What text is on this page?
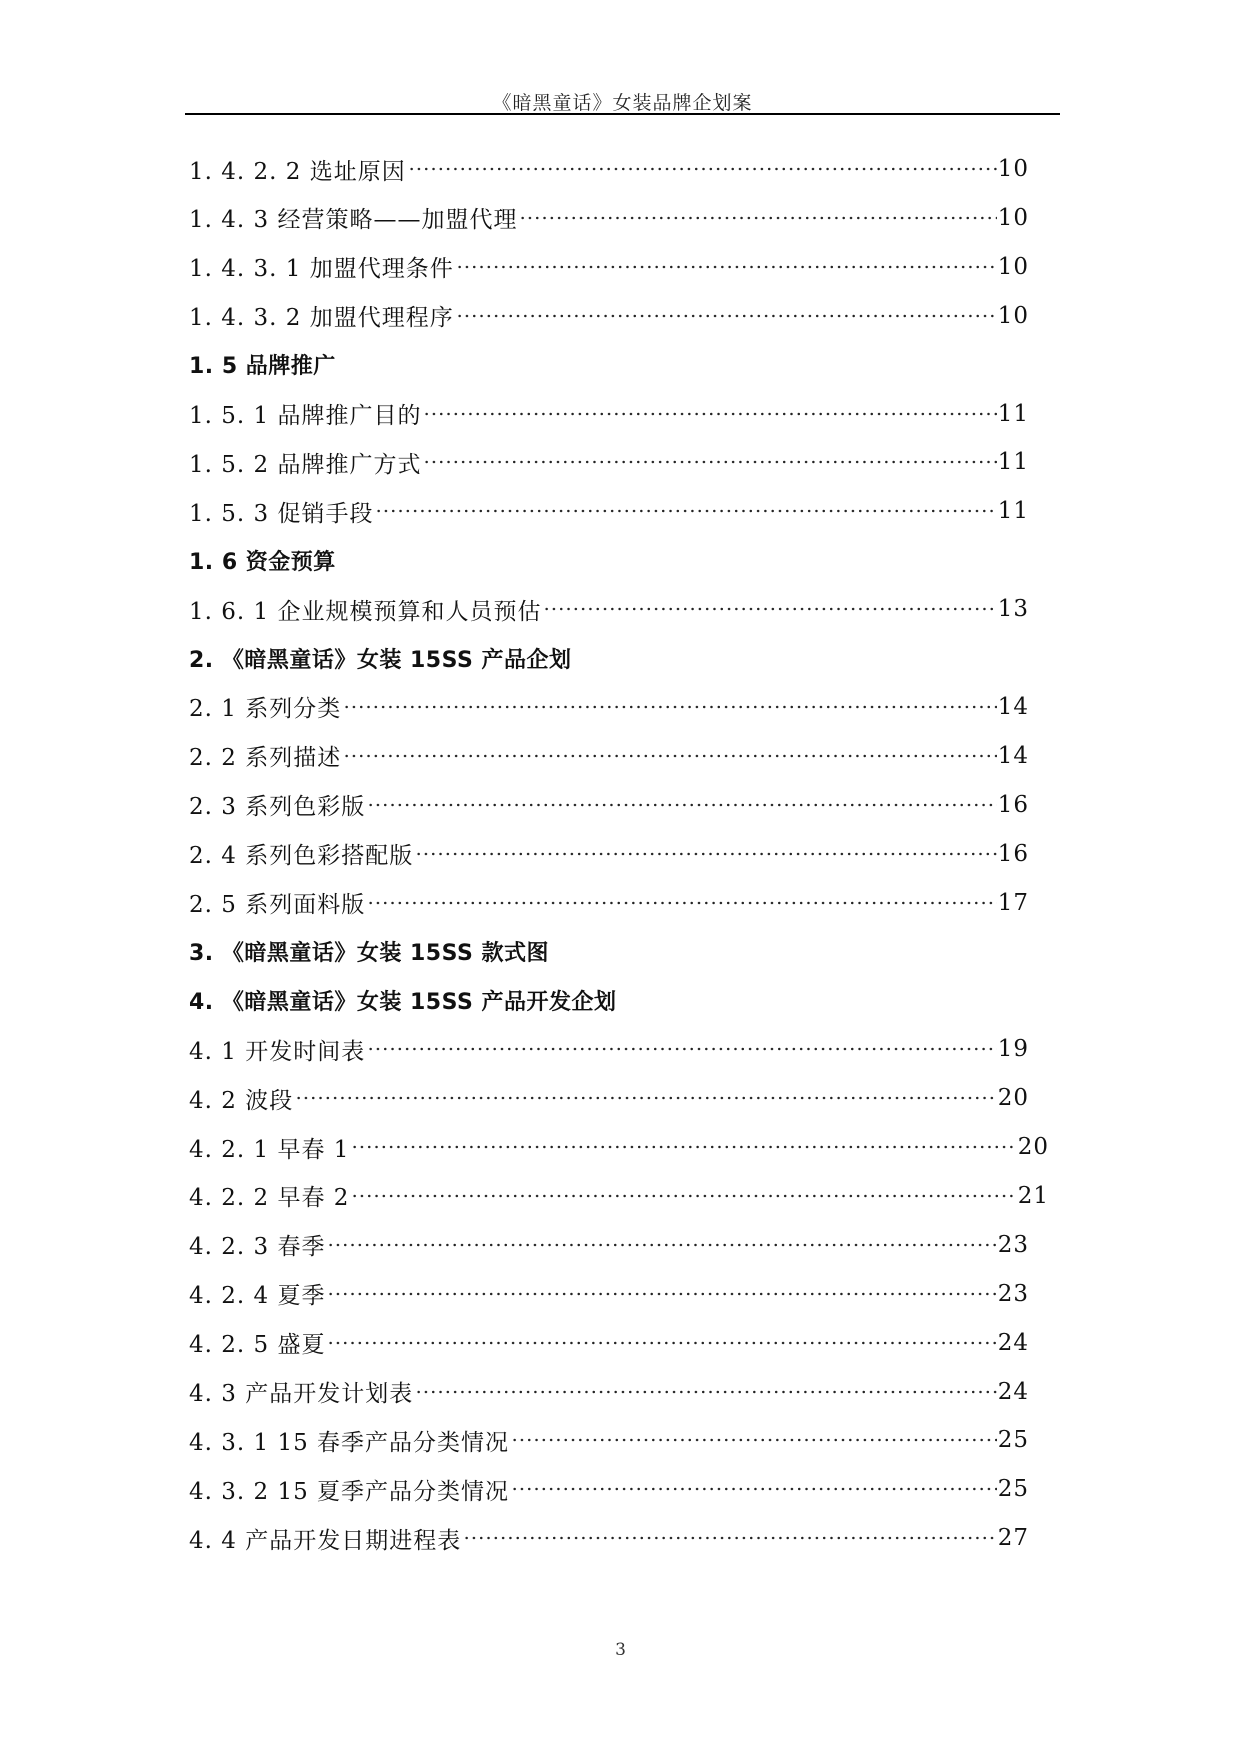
《暗黑童话》女装品牌企划案
1. 4. 2. 2 选址原因	10
1. 4. 3 经营策略——加盟代理	10
1. 4. 3. 1 加盟代理条件	10
1. 4. 3. 2 加盟代理程序	10
1. 5 品牌推广
1. 5. 1 品牌推广目的	11
1. 5. 2 品牌推广方式	11
1. 5. 3 促销手段	11
1. 6 资金预算
1. 6. 1 企业规模预算和人员预估	13
2. 《暗黑童话》女装 15SS 产品企划
2. 1 系列分类	14
2. 2 系列描述	14
2. 3 系列色彩版	16
2. 4 系列色彩搭配版	16
2. 5 系列面料版	17
3. 《暗黑童话》女装 15SS 款式图
4. 《暗黑童话》女装 15SS 产品开发企划
4. 1 开发时间表	19
4. 2 波段	20
4. 2. 1 早春 1	20
4. 2. 2 早春 2	21
4. 2. 3 春季	23
4. 2. 4 夏季	23
4. 2. 5 盛夏	24
4. 3 产品开发计划表	24
4. 3. 1 15 春季产品分类情况	25
4. 3. 2 15 夏季产品分类情况	25
4. 4 产品开发日期进程表	27
3
